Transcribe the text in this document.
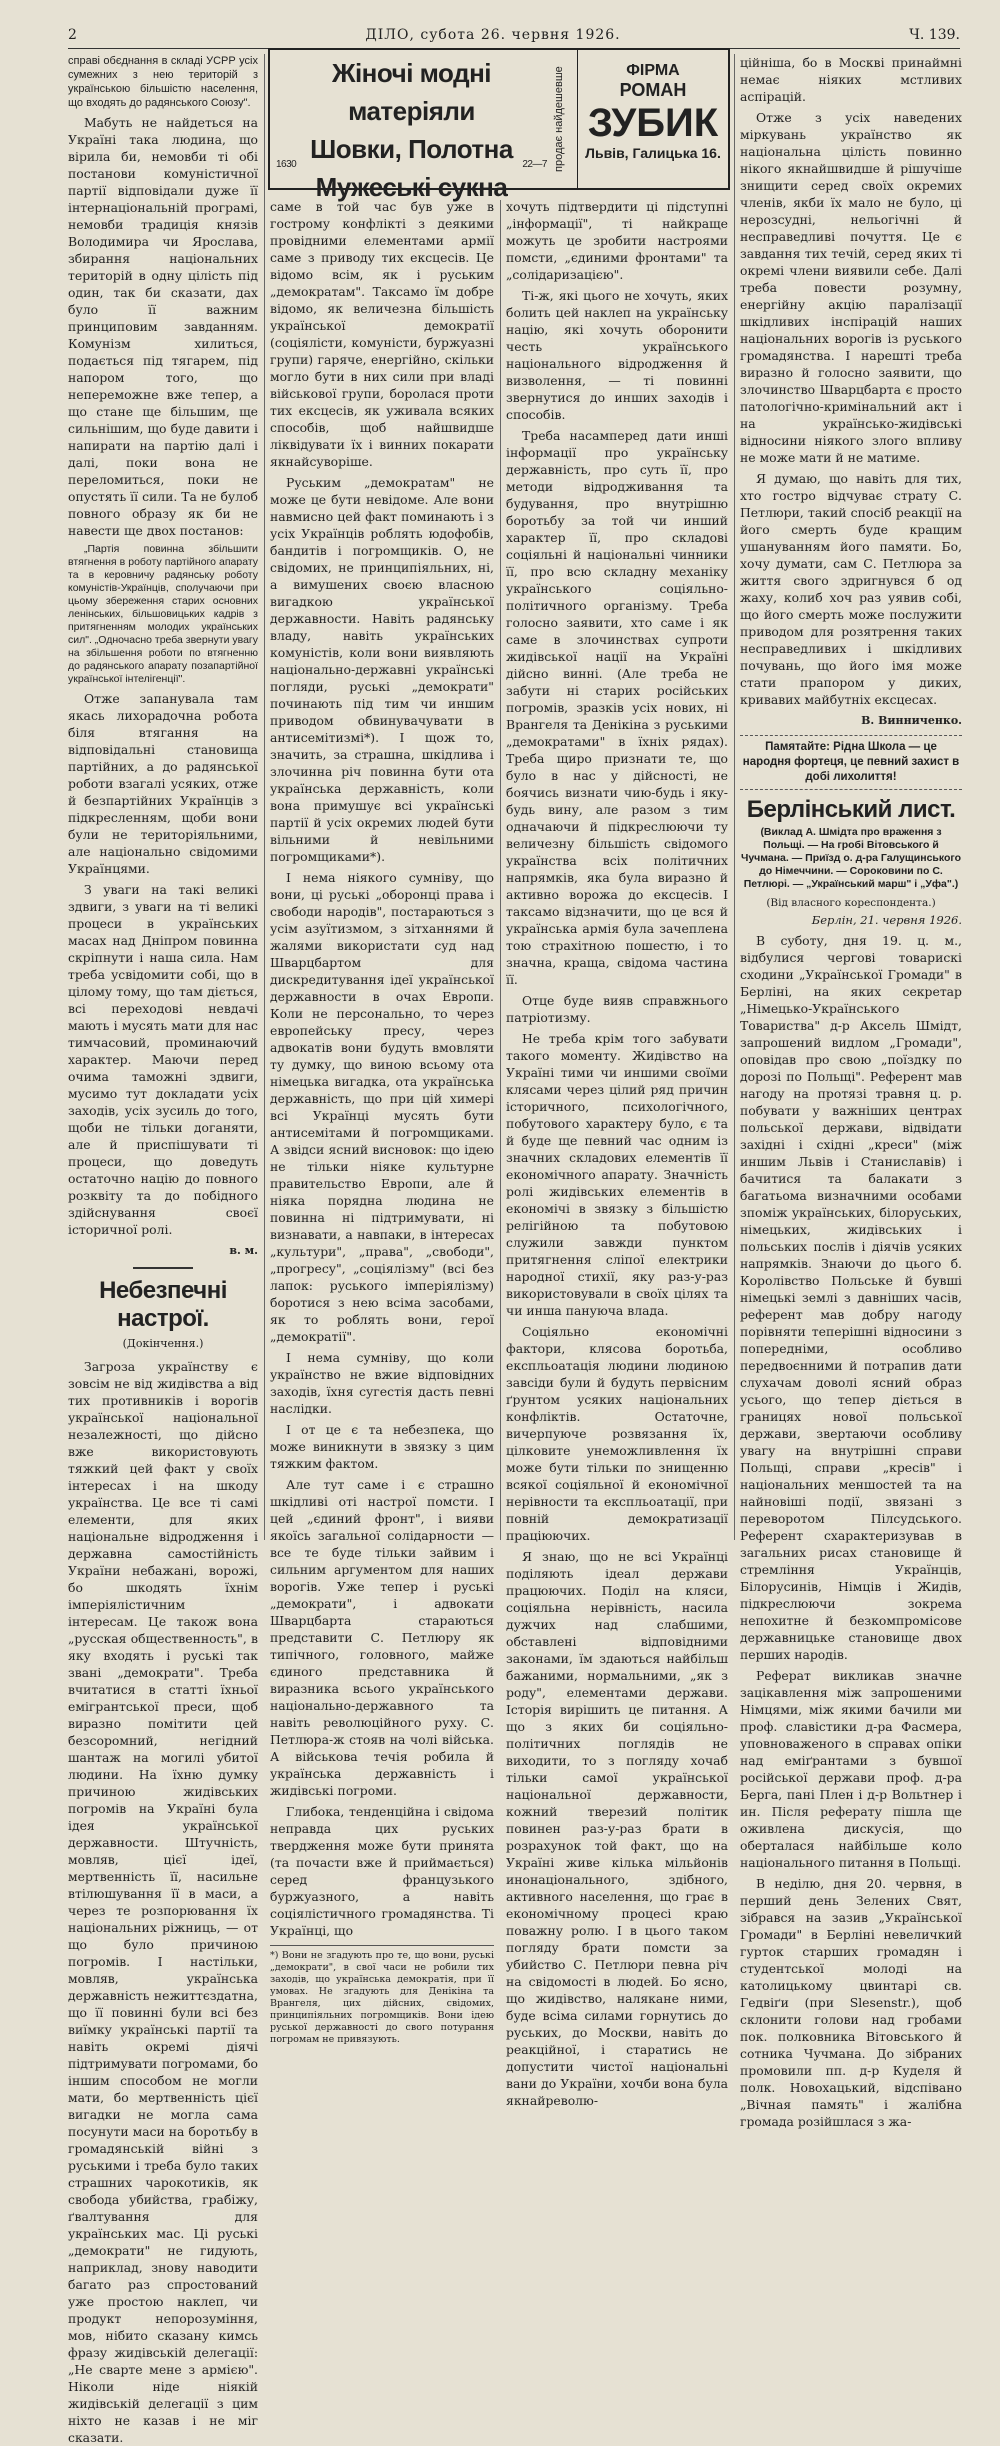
2	ДІЛО, субота 26. червня 1926.	Ч. 139.

справі обєднання в складі УСРР усіх сумежних з нею територій з українською більшістю населення, що входять до радянського Союзу".

Мабуть не найдеться на Україні така людина, що вірила би, немовби ті обі постанови комуністичної партії відповідали дуже її інтернаціональній програмі, немовби традиція князів Володимира чи Ярослава, збирання національних територій в одну цілість під один, так би сказати, дах було її важним принциповим завданням. Комунізм хилиться, подається під тягарем, під напором того, що непереможне вже тепер, а що стане ще більшим, ще сильнішим, що буде давити і напирати на партію далі і далі, поки вона не переломиться, поки не опустять її сили. Та не булоб повного образу як би не навести ще двох постанов:

„Партія повинна збільшити втягнення в роботу партійного апарату та в керовничу радянську роботу комуністів-Українців, сполучаючи при цьому збереження старих основних ленінських, більшовицьких кадрів з притягненням молодих українських сил". „Одночасно треба звернути увагу на збільшення роботи по втягненню до радянського апарату позапартійної української інтелігенції".

Отже запанувала там якась лихорадочна робота біля втягання на відповідальні становища партійних, а до радянської роботи взагалі усяких, отже й безпартійних Українців з підкресленням, щоби вони були не територіяльними, але національно свідомими Українцями.

З уваги на такі великі здвиги, з уваги на ті великі процеси в українських масах над Дніпром повинна скріпнути і наша сила. Нам треба усвідомити собі, що в цілому тому, що там діється, всі переходові невдачі мають і мусять мати для нас тимчасовий, проминаючий характер. Маючи перед очима таможні здвиги, мусимо тут докладати усіх заходів, усіх зусиль до того, щоби не тільки доганяти, але й приспішувати ті процеси, що доведуть остаточно націю до повного розквіту та до побідного здійснування своєї історичної ролі.

в. м.
Небезпечні настрої.
(Докінчення.)

Загроза українству є зовсім не від жидівства а від тих противників і ворогів української національної незалежності, що дійсно вже використовують тяжкий цей факт у своїх інтересах і на шкоду українства. Це все ті самі елементи, для яких національне відродження і державна самостійність України небажані, ворожі, бо шкодять їхнім імперіялістичним інтересам. Це також вона „русская общественность", в яку входять і руські так звані „демократи". Треба вчитатися в статті їхньої емігрантської преси, щоб виразно помітити цей безсоромний, негідний шантаж на могилі убитої людини. На їхню думку причиною жидівських погромів на Україні була ідея української державности. Штучність, мовляв, цієї ідеї, мертвенність її, насильне втілюшування її в маси, а через те розпорювання їх національних ріжниць, — от що було причиною погромів. І настільки, мовляв, українська державність нежиттєздатна, що її повинні були всі без виїмку українські партії та навіть окремі діячі підтримувати погромами, бо іншим способом не могли мати, бо мертвенність цієї вигадки не могла сама посунути маси на боротьбу в громадянській війні з руськими і треба було таких страшних чарокотиків, як свобода убийства, грабіжу, ґвалтування для українських мас. Ці руські „демократи" не гидують, наприклад, знову наводити багато раз спростований уже простою наклеп, чи продукт непорозуміння, мов, нібито сказану кимсь фразу жидівській делегації: „Не сварте мене з армією". Ніколи ніде ніякій жидівській делегації з цим ніхто не казав і не міг сказати.

Жіночі модні матеріяли
Шовки, Полотна
Мужеські сукна
1630	22—7 продає найдешевше	ФІРМА
РОМАН
ЗУБИК
Львів, Галицька 16.

саме в той час був уже в гострому конфлікті з деякими провідними елементами армії саме з приводу тих ексцесів. Це відомо всім, як і руським „демократам". Таксамо їм добре відомо, як величезна більшість української демократії (соціялісти, комуністи, буржуазні групи) гаряче, енергійно, скільки могло бути в них сили при владі військової групи, боролася проти тих ексцесів, як уживала всяких способів, щоб найшвидше ліквідувати їх і винних покарати якнайсуворіше.

Руським „демократам" не може це бути невідоме. Але вони навмисно цей факт поминають і з усіх Українців роблять юдофобів, бандитів і погромщиків. О, не свідомих, не принципіяльних, ні, а вимушених своєю власною вигадкою української державности. Навіть радянську владу, навіть українських комуністів, коли вони виявляють національно-державні українські погляди, руські „демократи" починають під тим чи иншим приводом обвинувачувати в антисемітизмі*). І щож то, значить, за страшна, шкідлива і злочинна річ повинна бути ота українська державність, коли вона примушує всі українські партії й усіх окремих людей бути вільними й невільними погромщиками*).

І нема ніякого сумніву, що вони, ці руські „оборонці права і свободи народів", постараються з усім азуїтизмом, з зітханнями й жалями використати суд над Шварцбартом для дискредитування ідеї української державности в очах Европи. Коли не персонально, то через европейську пресу, через адвокатів вони будуть вмовляти ту думку, що виною всьому ота німецька вигадка, ота українська державність, що при цій химері всі Українці мусять бути антисемітами й погромщиками. А звідси ясний висновок: що ідею не тільки ніяке культурне правительство Европи, але й ніяка порядна людина не повинна ні підтримувати, ні визнавати, а навпаки, в інтересах „культури", „права", „свободи", „прогресу", „соціялізму" (всі без лапок: руського імперіялізму) боротися з нею всіма засобами, як то роблять вони, герої „демократії".

І нема сумніву, що коли українство не вжие відповідних заходів, їхня сугестія дасть певні наслідки.

І от це є та небезпека, що може виникнути в звязку з цим тяжким фактом.

Але тут саме і є страшно шкідливі оті настрої помсти. І цей „єдиний фронт", і вияви якоїсь загальної солідарности — все те буде тільки зайвим і сильним аргументом для наших ворогів. Уже тепер і руські „демократи", і адвокати Шварцбарта стараються представити С. Петлюру як типічного, головного, майже єдиного представника й виразника всього українського національно-державного та навіть революційного руху. С. Петлюра-ж стояв на чолі війська. А військова течія робила й українська державність і жидівські погроми.

Глибока, тенденційна і свідома неправда цих руських твердження може бути принята (та почасти вже й приймається) серед французького буржуазного, а навіть соціялістичного громадянства. Ті Українці, що

*) Вони не згадують про те, що вони, руські „демократи", в свої часи не робили тих заходів, що українська демократія, при її умовах. Не згадують для Денікіна та Врангеля, цих дійсних, свідомих, принципіяльних погромщиків. Вони ідею руської державності до свого потурання погромам не привязують.

хочуть підтвердити ці підступні „інформації", ті найкраще можуть це зробити настроями помсти, „єдиними фронтами" та „солідаризацією".

Ті-ж, які цього не хочуть, яких болить цей наклеп на українську націю, які хочуть оборонити честь українського національного відродження й визволення, — ті повинні звернутися до инших заходів і способів.

Треба насамперед дати инші інформації про українську державність, про суть її, про методи відродживання та будування, про внутрішню боротьбу за той чи инший характер її, про складові соціяльні й національні чинники її, про всю складну механіку українського соціяльно-політичного організму. Треба голосно заявити, хто саме і як саме в злочинствах супроти жидівської нації на Україні дійсно винні. (Але треба не забути ні старих російських погромів, зразків усіх нових, ні Врангеля та Денікіна з руськими „демократами" в їхніх рядах). Треба щиро признати те, що було в нас у дійсності, не боячись визнати чию-будь і яку-будь вину, але разом з тим одначаючи й підкреслюючи ту величезну більшість свідомого українства всіх політичних напрямків, яка була виразно й активно ворожа до ексцесів. І таксамо відзначити, що це вся й українська армія була зачеплена тою страхітною пошестю, і то значна, краща, свідома частина її.

Отце буде вияв справжнього патріотизму.

Не треба крім того забувати такого моменту. Жидівство на Україні тими чи иншими своїми клясами через цілий ряд причин історичного, психологічного, побутового характеру було, є та й буде ще певний час одним із значних складових елементів її економічного апарату. Значність ролі жидівських елементів в економічі в звязку з більшістю релігійною та побутовою служили завжди пунктом притягнення сліпої електрики народної стихії, яку раз-у-раз використовували в своїх цілях та чи инша пануюча влада.

Соціяльно економічні фактори, клясова боротьба, експльоатація людини людиною завсіди були й будуть первісним ґрунтом усяких національних конфліктів. Остаточне, вичерпуюче розвязання їх, цілковите унеможливлення їх може бути тільки по знищенню всякої соціяльної й економічної нерівности та експльоатації, при повній демократизації праціюючих.

Я знаю, що не всі Українці поділяють ідеал держави працюючих. Поділ на кляси, соціяльна нерівність, насила дужчих над слабшими, обставлені відповідними законами, їм здаються найбільш бажаними, нормальними, „як з роду", елементами держави. Історія вирішить це питання. А що з яких би соціяльно-політичних поглядів не виходити, то з погляду хочаб тільки самої української національної державности, кожний тверезий політик повинен раз-у-раз брати в розрахунок той факт, що на Україні живе кілька мільйонів инонаціонального, здібного, активного населення, що грає в економічному процесі краю поважну ролю. І в цього таком погляду брати помсти за убийство С. Петлюри певна річ на свідомості в людей. Бо ясно, що жидівство, налякане ними, буде всіма силами горнутись до руських, до Москви, навіть до реакційної, і старатись не допустити чистої національні вани до України, хочби вона була якнайреволю-

ційніша, бо в Москві принаймні немає ніяких мстливих аспірацій.

Отже з усіх наведених міркувань українство як національна цілість повинно нікого якнайшвидше й рішучіше знищити серед своїх окремих членів, якби їх мало не було, ці нерозсудні, нельогічні й несправедливі почуття. Це є завдання тих течій, серед яких ті окремі члени виявили себе. Далі треба повести розумну, енергійну акцію паралізації шкідливих інспірацій наших національних ворогів із руського громадянства. І нарешті треба виразно й голосно заявити, що злочинство Шварцбарта є просто патологічно-кримінальний акт і на українсько-жидівські відносини ніякого злого впливу не може мати й не матиме.

Я думаю, що навіть для тих, хто гостро відчуває страту С. Петлюри, такий спосіб реакції на його смерть буде кращим ушануванням його памяти. Бо, хочу думати, сам С. Петлюра за життя свого здригнувся б од жаху, колиб хоч раз уявив собі, що його смерть може послужити приводом для розятрення таких несправедливих і шкідливих почувань, що його імя може стати прапором у диких, кривавих майбутніх ексцесах.

В. Винниченко.
Памятайте: Рідна Школа — це народня фортеця, це певний захист в добі лихолиття!
Берлінський лист.

(Виклад А. Шмідта про враження з Польщі. — На гробі Вітовського й Чучмана. — Приїзд о. д-ра Галущинського до Німеччини. — Сороковини по С. Петлюрі. — „Український марш" і „Уфа".)

(Від власного кореспондента.)
Берлін, 21. червня 1926.

В суботу, дня 19. ц. м., відбулися чергові товарискі сходини „Української Громади" в Берліні, на яких секретар „Німецько-Українського Товариства" д-р Аксель Шмідт, запрошений видлом „Громади", оповідав про свою „поїздку по дорозі по Польщі". Референт мав нагоду на протязі травня ц. р. побувати у важніших центрах польської держави, відвідати західні і східні „креси" (між иншим Львів і Станиславів) і бачитися та балакати з багатьома визначними особами зпоміж українських, білоруських, німецьких, жидівських і польських послів і діячів усяких напрямків. Знаючи до цього б. Королівство Польське й бувші німецькі землі з давніших часів, референт мав добру нагоду порівняти теперішні відносини з попередніми, особливо передвоєнними й потрапив дати слухачам доволі ясний образ усього, що тепер діється в границях нової польської держави, звертаючи особливу увагу на внутрішні справи Польщі, справи „кресів" і національних меншостей та на найновіші події, звязані з переворотом Пілсудського. Референт схарактеризував в загальних рисах становище й стремління Українців, Білорусинів, Німців і Жидів, підкреслюючи зокрема непохитне й безкомпромісове державницьке становище двох перших народів.

Реферат викликав значне зацікавлення між запрошеними Німцями, між якими бачили ми проф. славістики д-ра Фасмера, уповноваженого в справах опіки над еміґрантами з бувшої російської держави проф. д-ра Берга, пані Плен і д-р Вольтнер і ин. Після реферату пішла ще оживлена дискусія, що оберталася найбільше коло національного питання в Польщі.

В неділю, дня 20. червня, в перший день Зелених Свят, зібрався на зазив „Української Громади" в Берліні невеличкий гурток старших громадян і студентської молоді на католицькому цвинтарі св. Гедвіґи (при Slesenstr.), щоб склонити голови над гробами пок. полковника Вітовського й сотника Чучмана. До зібраних промовили пп. д-р Куделя й полк. Новохацький, відспівано „Вічная память" і жалібна громада розійшлася з жа-
